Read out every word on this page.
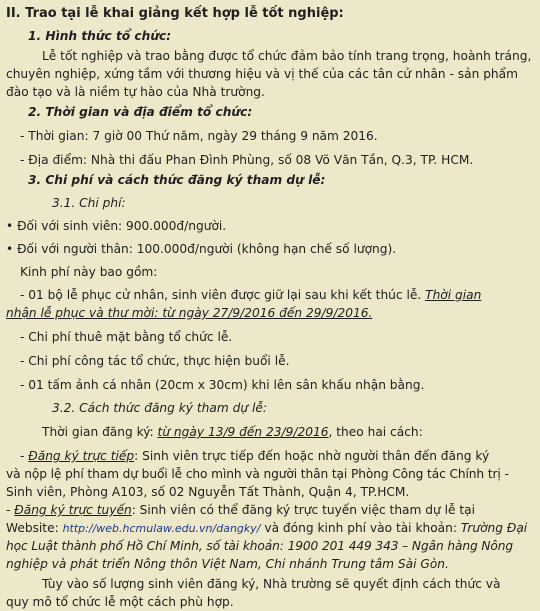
II. Trao tại lễ khai giảng kết hợp lễ tốt nghiệp:

1. Hình thức tổ chức:

Lễ tốt nghiệp và trao bằng được tổ chức đảm bảo tính trang trọng, hoành tráng,

chuyên nghiệp, xứng tầm với thương hiệu và vị thế của các tân cử nhân - sản phẩm

đào tạo và là niềm tự hào của Nhà trường.

2. Thời gian và địa điểm tổ chức:

- Thời gian: 7 giờ 00 Thứ năm, ngày 29 tháng 9 năm 2016.

- Địa điểm: Nhà thi đấu Phan Đình Phùng, số 08 Võ Văn Tần, Q.3, TP. HCM.

3. Chi phí và cách thức đăng ký tham dự lễ:

3.1. Chi phí:

• Đối với sinh viên: 900.000đ/người.

• Đối với người thân: 100.000đ/người (không hạn chế số lượng).

Kinh phí này bao gồm:

- 01 bộ lễ phục cử nhân, sinh viên được giữ lại sau khi kết thúc lễ. Thời gian

nhận lễ phục và thư mời: từ ngày 27/9/2016 đến 29/9/2016.

- Chi phí thuê mặt bằng tổ chức lễ.

- Chi phí công tác tổ chức, thực hiện buổi lễ.

- 01 tấm ảnh cá nhân (20cm x 30cm) khi lên sân khấu nhận bằng.

3.2. Cách thức đăng ký tham dự lễ:

Thời gian đăng ký: từ ngày 13/9 đến 23/9/2016, theo hai cách:

- Đăng ký trực tiếp: Sinh viên trực tiếp đến hoặc nhờ người thân đến đăng ký

và nộp lệ phí tham dự buổi lễ cho mình và người thân tại Phòng Công tác Chính trị -

Sinh viên, Phòng A103, số 02 Nguyễn Tất Thành, Quận 4, TP.HCM.

- Đăng ký trực tuyến: Sinh viên có thể đăng ký trực tuyến việc tham dự lễ tại

Website: http://web.hcmulaw.edu.vn/dangky/ và đóng kinh phí vào tài khoản: Trường Đại

học Luật thành phố Hồ Chí Minh, số tài khoản: 1900 201 449 343 – Ngân hàng Nông

nghiệp và phát triển Nông thôn Việt Nam, Chi nhánh Trung tâm Sài Gòn.

Tùy vào số lượng sinh viên đăng ký, Nhà trường sẽ quyết định cách thức và

quy mô tổ chức lễ một cách phù hợp.
